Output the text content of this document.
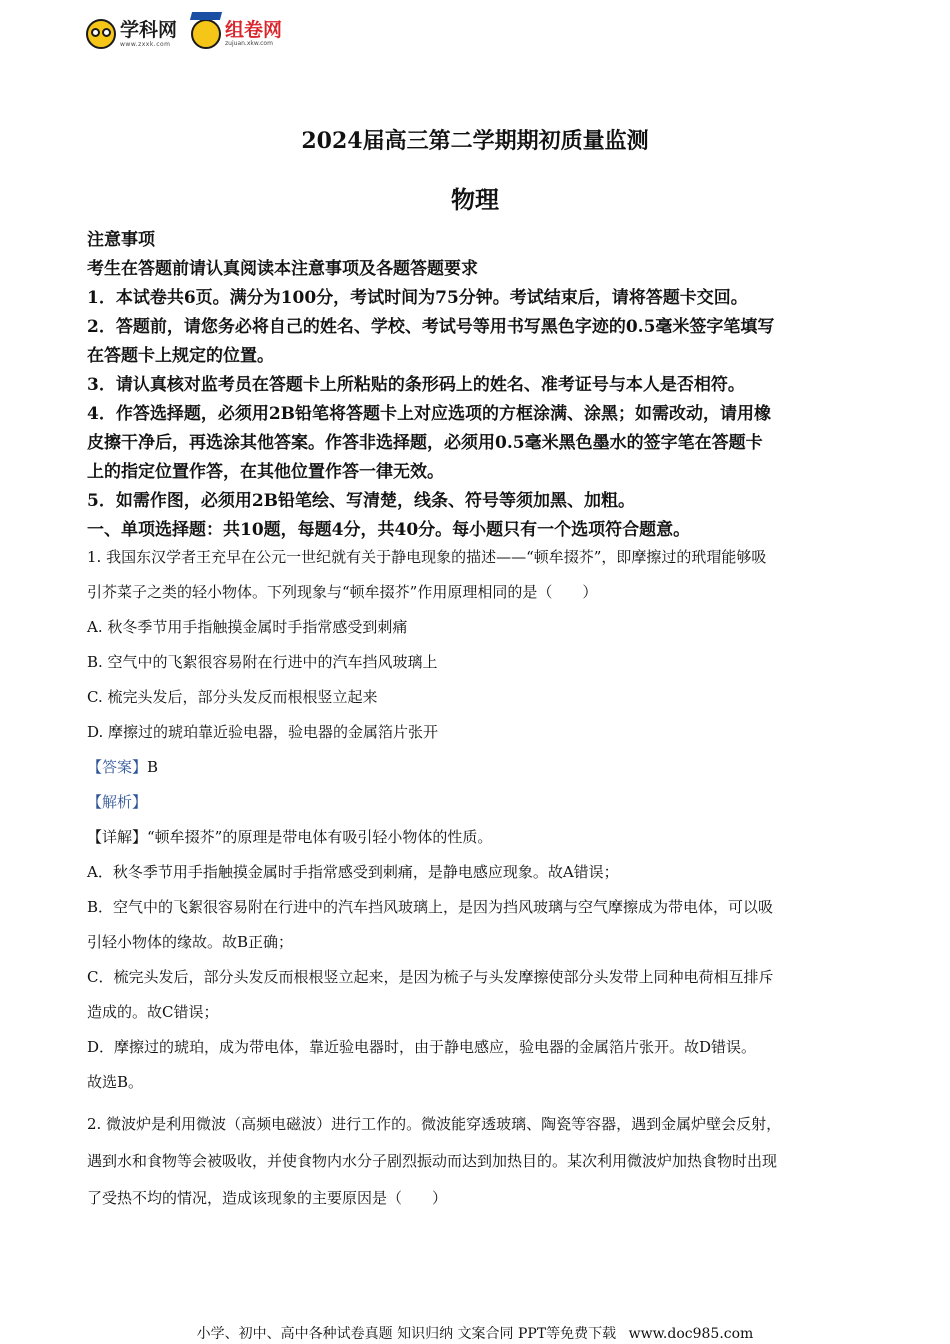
学科网
www.zxxk.com
组卷网
zujuan.xkw.com
2024届高三第二学期期初质量监测
物理

注意事项

考生在答题前请认真阅读本注意事项及各题答题要求

1．本试卷共6页。满分为100分，考试时间为75分钟。考试结束后，请将答题卡交回。

2．答题前，请您务必将自己的姓名、学校、考试号等用书写黑色字迹的0.5毫米签字笔填写

在答题卡上规定的位置。

3．请认真核对监考员在答题卡上所粘贴的条形码上的姓名、准考证号与本人是否相符。

4．作答选择题，必须用2B铅笔将答题卡上对应选项的方框涂满、涂黑；如需改动，请用橡

皮擦干净后，再选涂其他答案。作答非选择题，必须用0.5毫米黑色墨水的签字笔在答题卡

上的指定位置作答，在其他位置作答一律无效。

5．如需作图，必须用2B铅笔绘、写清楚，线条、符号等须加黑、加粗。

一、单项选择题：共10题，每题4分，共40分。每小题只有一个选项符合题意。

1. 我国东汉学者王充早在公元一世纪就有关于静电现象的描述——“顿牟掇芥”，即摩擦过的玳瑁能够吸

引芥菜子之类的轻小物体。下列现象与“顿牟掇芥”作用原理相同的是（　　）

A. 秋冬季节用手指触摸金属时手指常感受到刺痛

B. 空气中的飞絮很容易附在行进中的汽车挡风玻璃上

C. 梳完头发后，部分头发反而根根竖立起来

D. 摩擦过的琥珀靠近验电器，验电器的金属箔片张开

【答案】B

【解析】

【详解】“顿牟掇芥”的原理是带电体有吸引轻小物体的性质。

A．秋冬季节用手指触摸金属时手指常感受到刺痛，是静电感应现象。故A错误；

B．空气中的飞絮很容易附在行进中的汽车挡风玻璃上，是因为挡风玻璃与空气摩擦成为带电体，可以吸

引轻小物体的缘故。故B正确；

C．梳完头发后，部分头发反而根根竖立起来，是因为梳子与头发摩擦使部分头发带上同种电荷相互排斥

造成的。故C错误；

D．摩擦过的琥珀，成为带电体，靠近验电器时，由于静电感应，验电器的金属箔片张开。故D错误。

故选B。

2. 微波炉是利用微波（高频电磁波）进行工作的。微波能穿透玻璃、陶瓷等容器，遇到金属炉壁会反射，

遇到水和食物等会被吸收，并使食物内水分子剧烈振动而达到加热目的。某次利用微波炉加热食物时出现

了受热不均的情况，造成该现象的主要原因是（　　）

小学、初中、高中各种试卷真题 知识归纳 文案合同 PPT等免费下载 www.doc985.com
